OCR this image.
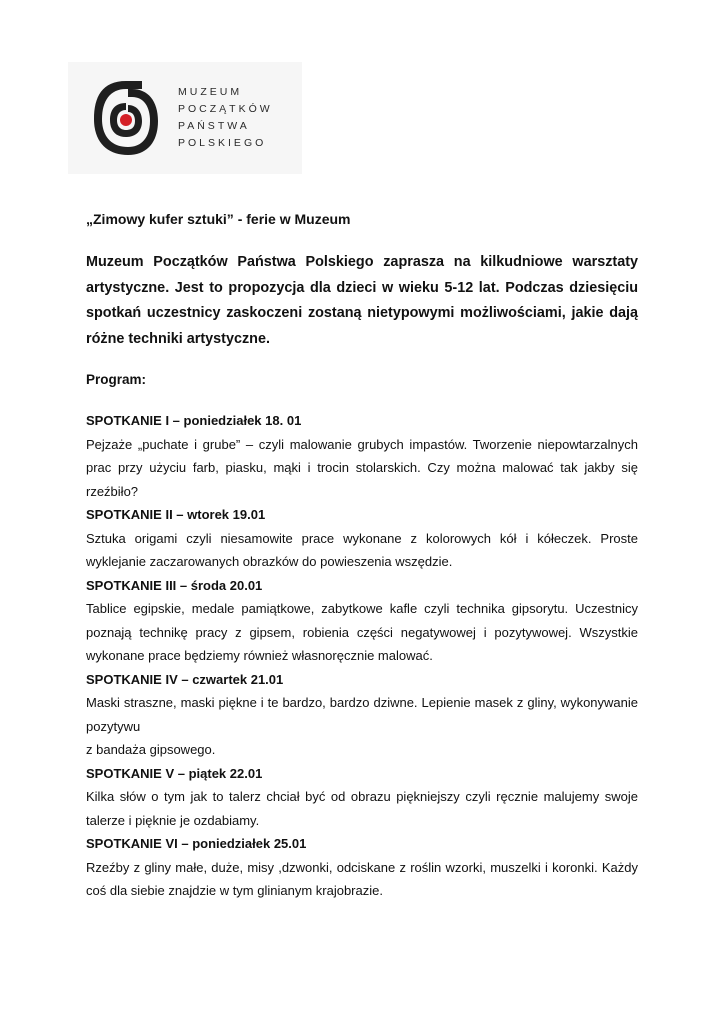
MUZEUM
POCZĄTKÓW
PAŃSTWA
POLSKIEGO

„Zimowy kufer sztuki” - ferie w Muzeum

Muzeum Początków Państwa Polskiego zaprasza na kilkudniowe warsztaty artystyczne. Jest to propozycja dla dzieci w wieku 5-12 lat. Podczas dziesięciu spotkań uczestnicy zaskoczeni zostaną nietypowymi możliwościami, jakie dają różne techniki artystyczne.

Program:

SPOTKANIE I – poniedziałek 18. 01

Pejzaże „puchate i grube” – czyli malowanie grubych impastów. Tworzenie niepowtarzalnych prac przy użyciu farb, piasku, mąki i trocin stolarskich. Czy można malować tak jakby się rzeźbiło?

SPOTKANIE II – wtorek 19.01

Sztuka origami czyli niesamowite prace wykonane z kolorowych kół i kółeczek. Proste wyklejanie zaczarowanych obrazków do powieszenia wszędzie.

SPOTKANIE III – środa 20.01

Tablice egipskie, medale pamiątkowe, zabytkowe kafle czyli technika gipsorytu. Uczestnicy poznają technikę pracy z gipsem, robienia części negatywowej i pozytywowej. Wszystkie wykonane prace będziemy również własnoręcznie malować.

SPOTKANIE IV – czwartek 21.01

Maski straszne, maski piękne i te bardzo, bardzo dziwne. Lepienie masek z gliny, wykonywanie pozytywu
z bandaża gipsowego.

SPOTKANIE V – piątek 22.01

Kilka słów o tym jak to talerz chciał być od obrazu piękniejszy czyli ręcznie malujemy swoje talerze i pięknie je ozdabiamy.

SPOTKANIE VI – poniedziałek 25.01

Rzeźby z gliny małe, duże, misy ,dzwonki, odciskane z roślin wzorki, muszelki i koronki. Każdy coś dla siebie znajdzie w tym glinianym krajobrazie.
